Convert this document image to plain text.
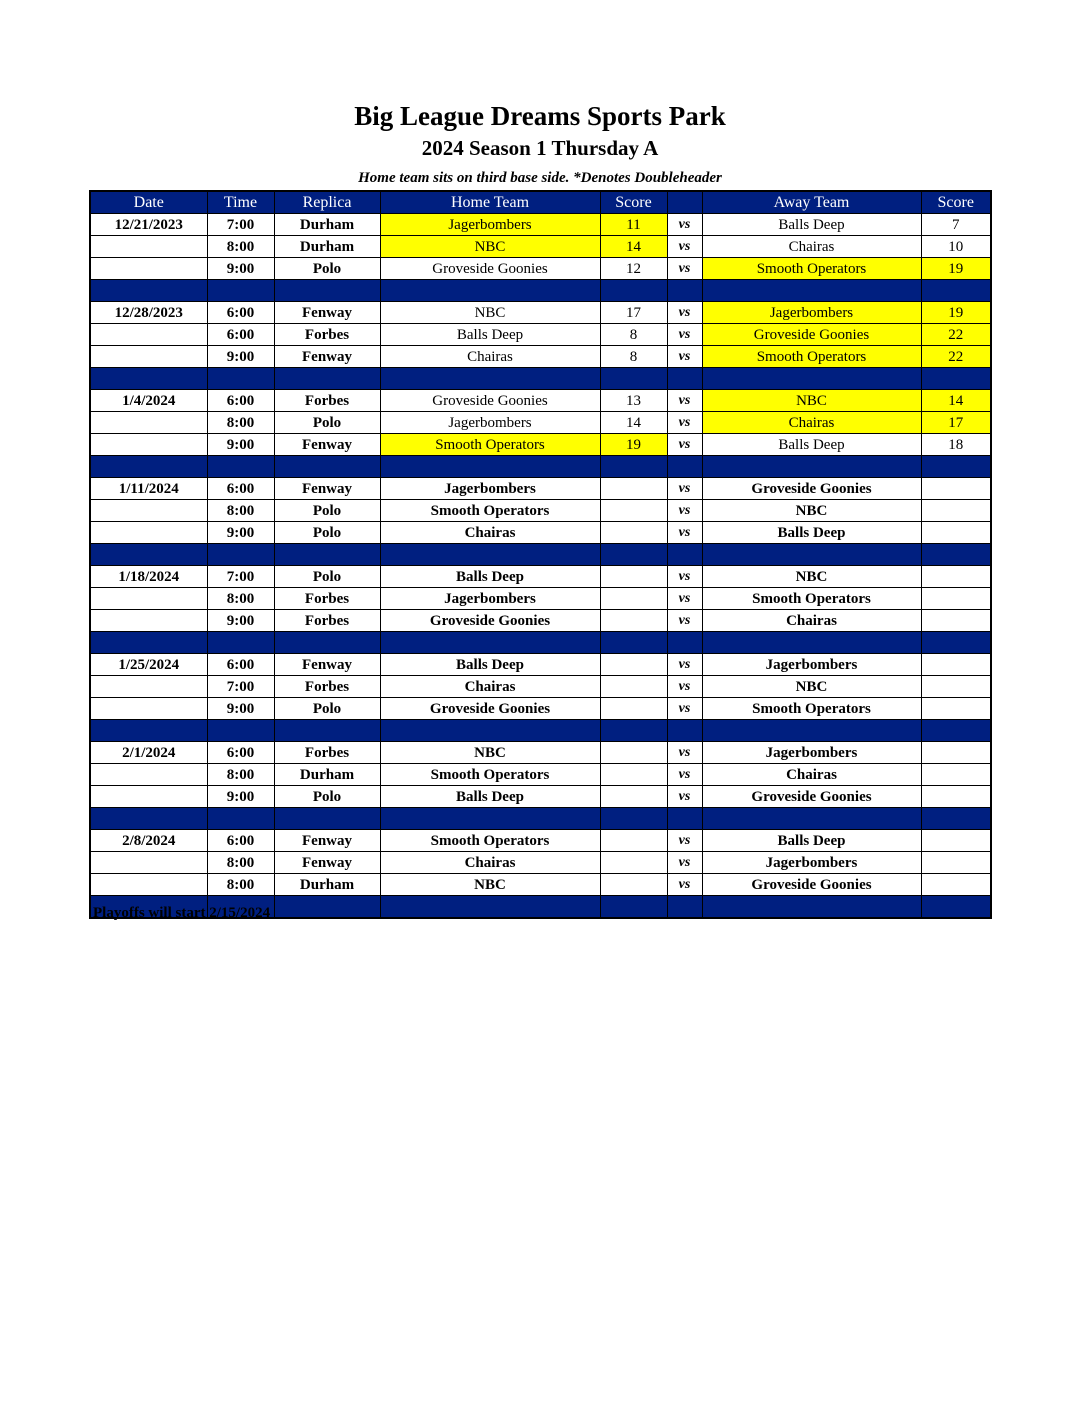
Big League Dreams Sports Park
2024 Season 1 Thursday A
Home team sits on third base side. *Denotes Doubleheader
Date	Time	Replica	Home Team	Score		Away Team	Score
12/21/2023	7:00	Durham	Jagerbombers	11	vs	Balls Deep	7
	8:00	Durham	NBC	14	vs	Chairas	10
	9:00	Polo	Groveside Goonies	12	vs	Smooth Operators	19

12/28/2023	6:00	Fenway	NBC	17	vs	Jagerbombers	19
	6:00	Forbes	Balls Deep	8	vs	Groveside Goonies	22
	9:00	Fenway	Chairas	8	vs	Smooth Operators	22

1/4/2024	6:00	Forbes	Groveside Goonies	13	vs	NBC	14
	8:00	Polo	Jagerbombers	14	vs	Chairas	17
	9:00	Fenway	Smooth Operators	19	vs	Balls Deep	18

1/11/2024	6:00	Fenway	Jagerbombers		vs	Groveside Goonies	
	8:00	Polo	Smooth Operators		vs	NBC	
	9:00	Polo	Chairas		vs	Balls Deep	

1/18/2024	7:00	Polo	Balls Deep		vs	NBC	
	8:00	Forbes	Jagerbombers		vs	Smooth Operators	
	9:00	Forbes	Groveside Goonies		vs	Chairas	

1/25/2024	6:00	Fenway	Balls Deep		vs	Jagerbombers	
	7:00	Forbes	Chairas		vs	NBC	
	9:00	Polo	Groveside Goonies		vs	Smooth Operators	

2/1/2024	6:00	Forbes	NBC		vs	Jagerbombers	
	8:00	Durham	Smooth Operators		vs	Chairas	
	9:00	Polo	Balls Deep		vs	Groveside Goonies	

2/8/2024	6:00	Fenway	Smooth Operators		vs	Balls Deep	
	8:00	Fenway	Chairas		vs	Jagerbombers	
	8:00	Durham	NBC		vs	Groveside Goonies	

Playoffs will start 2/15/2024
